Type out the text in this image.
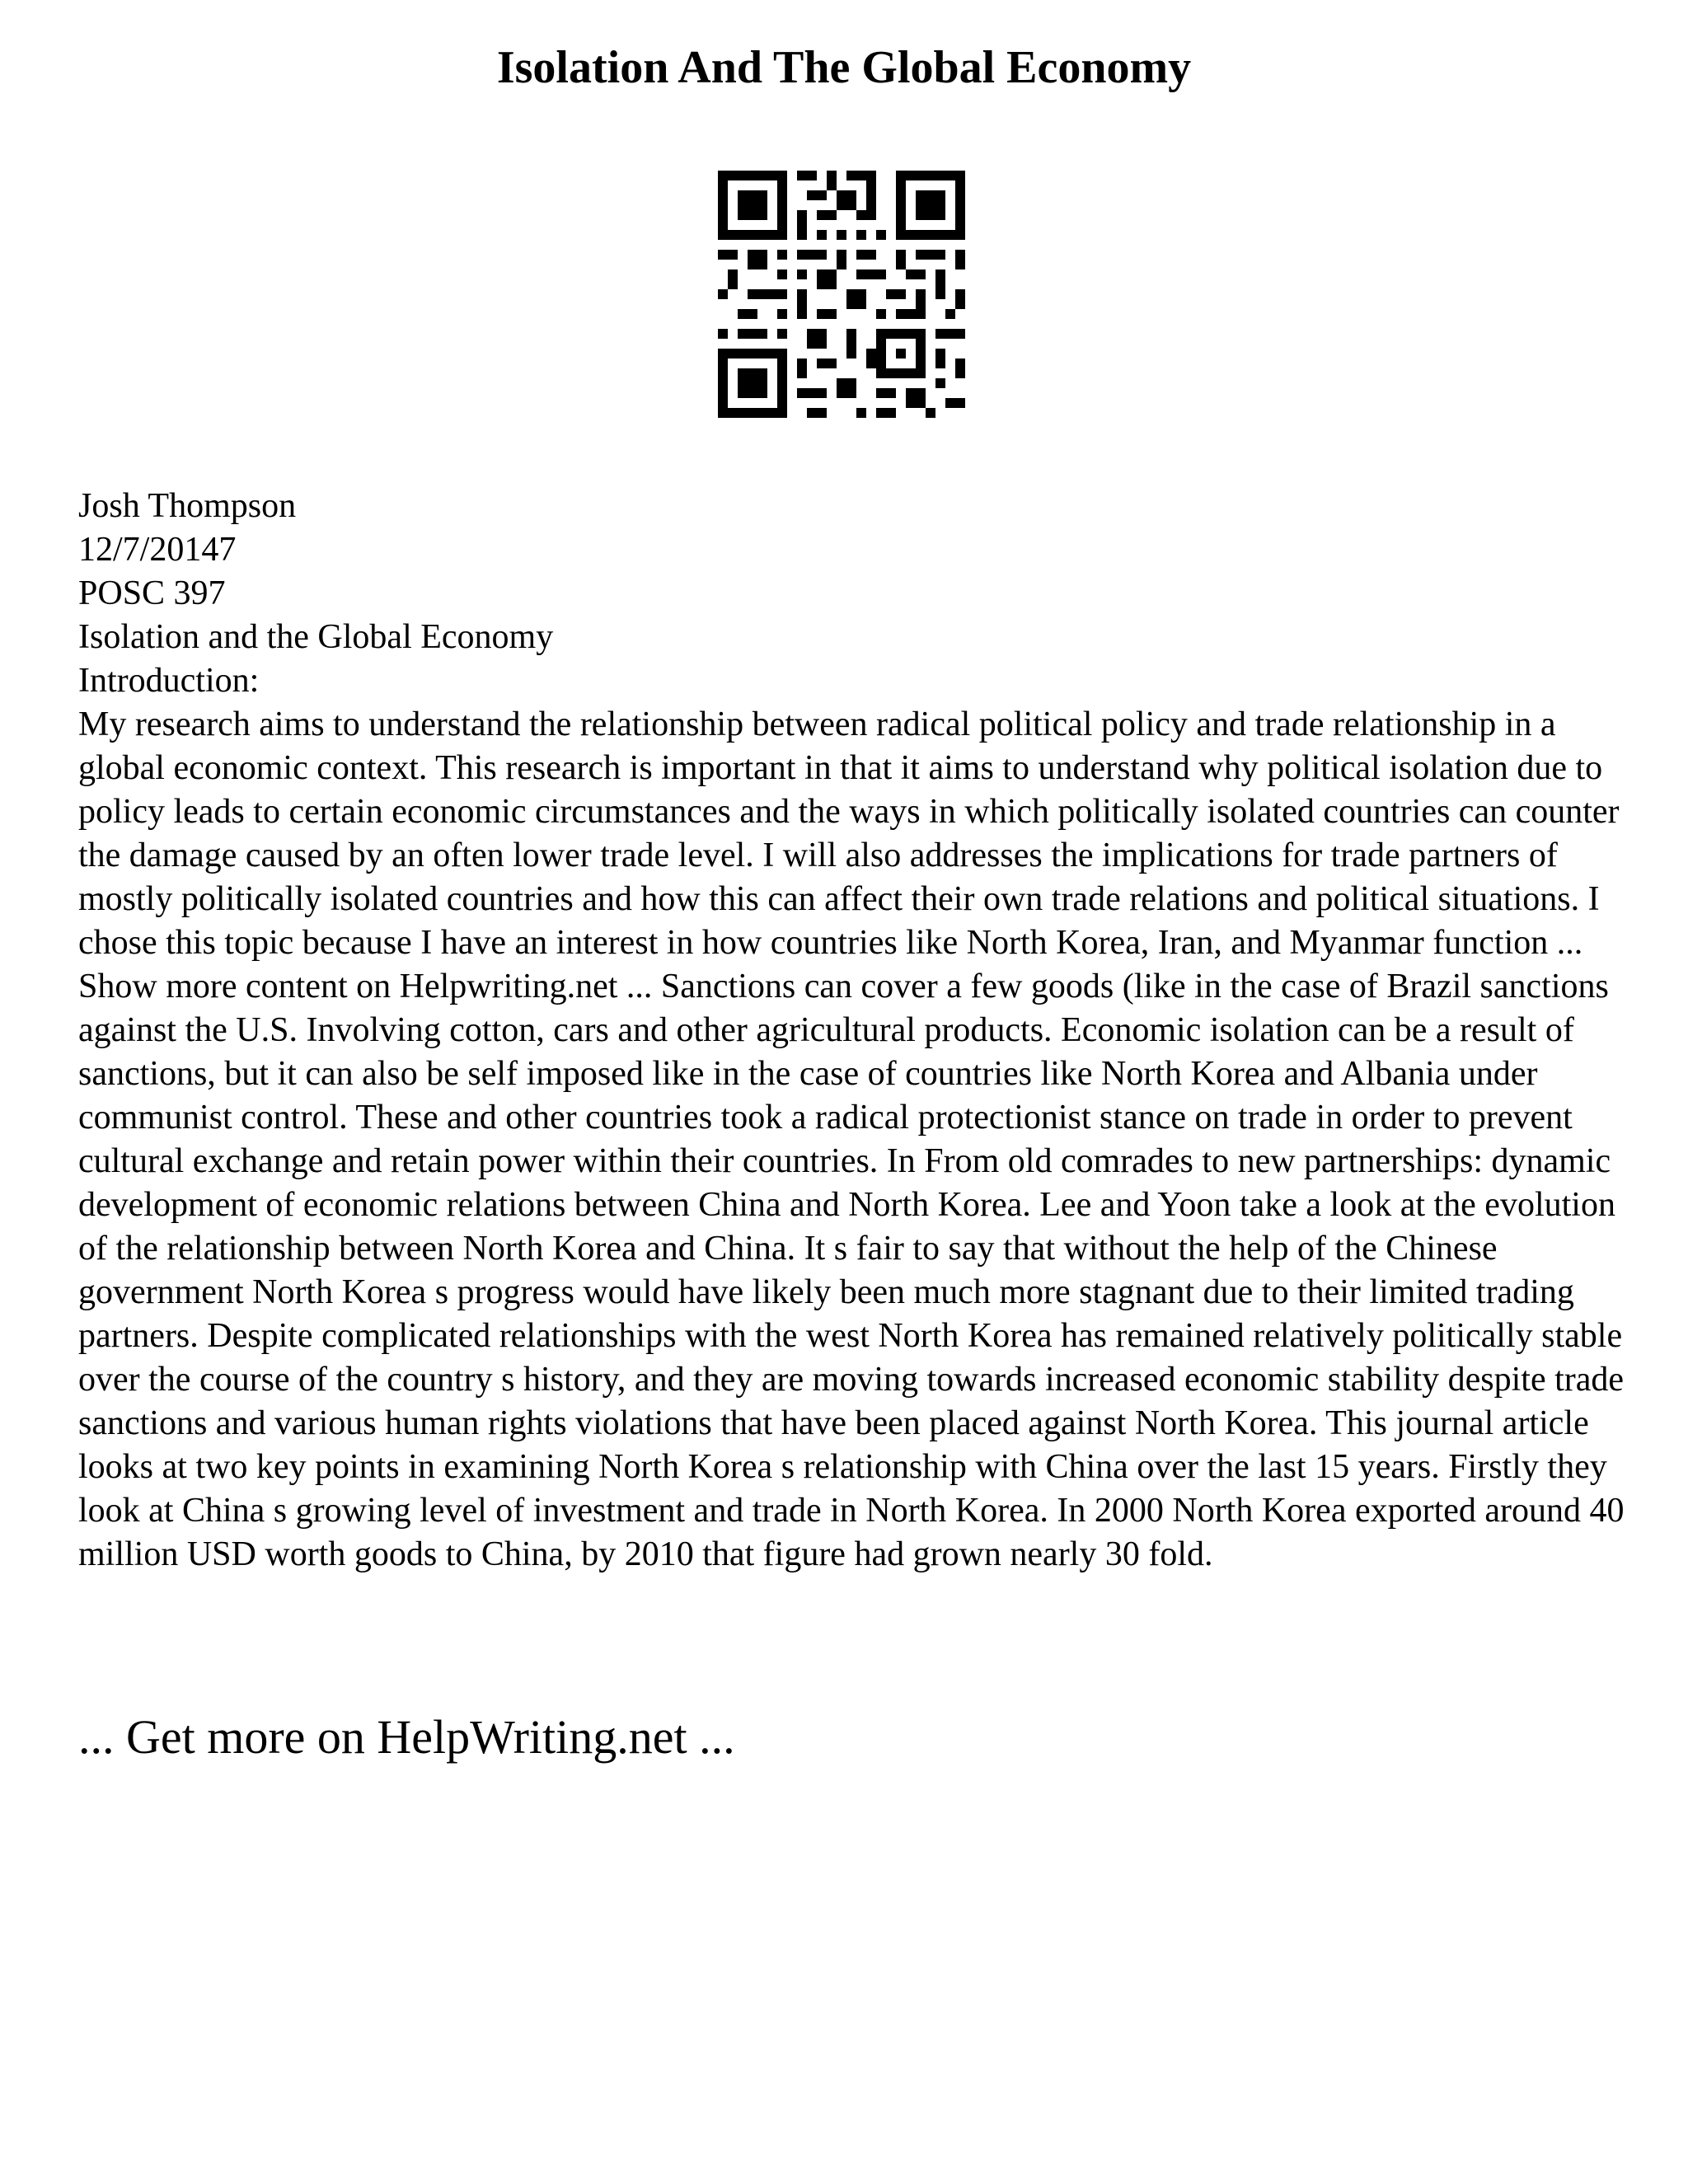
Isolation And The Global Economy
Josh Thompson
12/7/20147
POSC 397
Isolation and the Global Economy
Introduction:
My research aims to understand the relationship between radical political policy and trade relationship in a global economic context. This research is important in that it aims to understand why political isolation due to policy leads to certain economic circumstances and the ways in which politically isolated countries can counter the damage caused by an often lower trade level. I will also addresses the implications for trade partners of mostly politically isolated countries and how this can affect their own trade relations and political situations. I chose this topic because I have an interest in how countries like North Korea, Iran, and Myanmar function ... Show more content on Helpwriting.net ... Sanctions can cover a few goods (like in the case of Brazil sanctions against the U.S. Involving cotton, cars and other agricultural products. Economic isolation can be a result of sanctions, but it can also be self imposed like in the case of countries like North Korea and Albania under communist control. These and other countries took a radical protectionist stance on trade in order to prevent cultural exchange and retain power within their countries. In From old comrades to new partnerships: dynamic development of economic relations between China and North Korea. Lee and Yoon take a look at the evolution of the relationship between North Korea and China. It s fair to say that without the help of the Chinese government North Korea s progress would have likely been much more stagnant due to their limited trading partners. Despite complicated relationships with the west North Korea has remained relatively politically stable over the course of the country s history, and they are moving towards increased economic stability despite trade sanctions and various human rights violations that have been placed against North Korea. This journal article looks at two key points in examining North Korea s relationship with China over the last 15 years. Firstly they look at China s growing level of investment and trade in North Korea. In 2000 North Korea exported around 40 million USD worth goods to China, by 2010 that figure had grown nearly 30 fold.
... Get more on HelpWriting.net ...
